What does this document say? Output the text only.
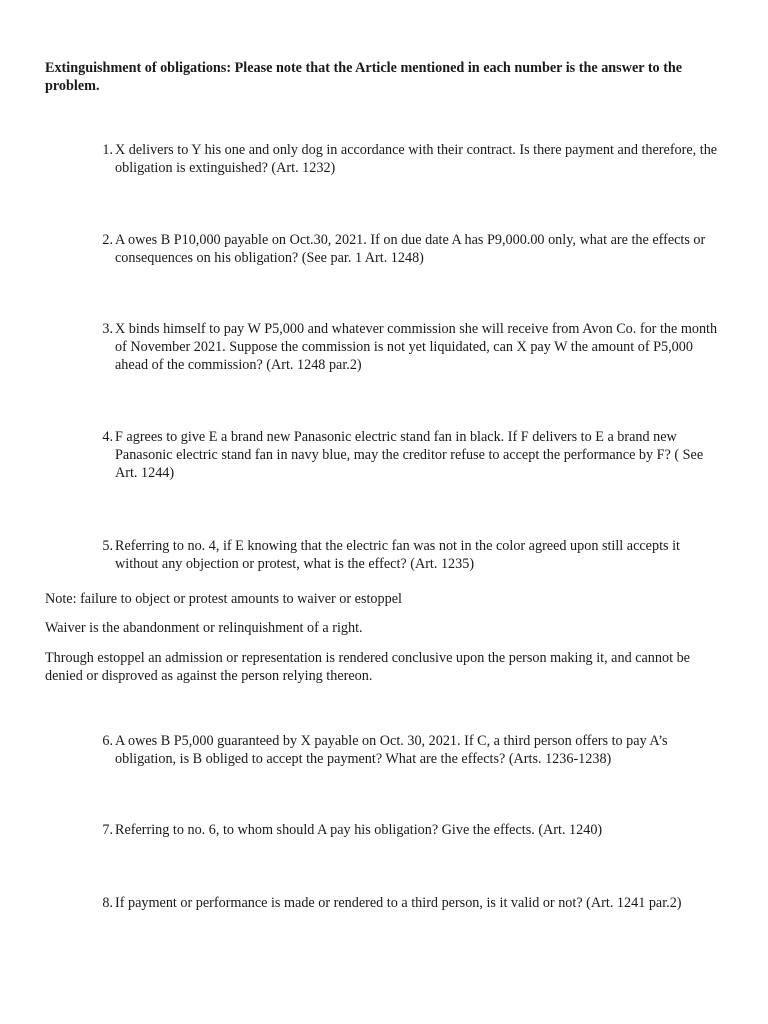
Extinguishment of obligations: Please note that the Article mentioned in each number is the answer to the problem.
1. X delivers to Y his one and only dog in accordance with their contract. Is there payment and therefore, the obligation is extinguished? (Art. 1232)
2. A owes B P10,000 payable on Oct.30, 2021. If on due date A has P9,000.00 only, what are the effects or consequences on his obligation? (See par. 1 Art. 1248)
3. X binds himself to pay W P5,000 and whatever commission she will receive from Avon Co. for the month of November 2021. Suppose the commission is not yet liquidated, can X pay W the amount of P5,000 ahead of the commission? (Art. 1248 par.2)
4. F agrees to give E a brand new Panasonic electric stand fan in black. If F delivers to E a brand new Panasonic electric stand fan in navy blue, may the creditor refuse to accept the performance by F? ( See Art. 1244)
5. Referring to no. 4, if E knowing that the electric fan was not in the color agreed upon still accepts it without any objection or protest, what is the effect? (Art. 1235)
Note: failure to object or protest amounts to waiver or estoppel
Waiver is the abandonment or relinquishment of a right.
Through estoppel an admission or representation is rendered conclusive upon the person making it, and cannot be denied or disproved as against the person relying thereon.
6. A owes B P5,000 guaranteed by X payable on Oct. 30, 2021. If C, a third person offers to pay A’s obligation, is B obliged to accept the payment? What are the effects? (Arts. 1236-1238)
7. Referring to no. 6, to whom should A pay his obligation? Give the effects. (Art. 1240)
8. If payment or performance is made or rendered to a third person, is it valid or not? (Art. 1241 par.2)
